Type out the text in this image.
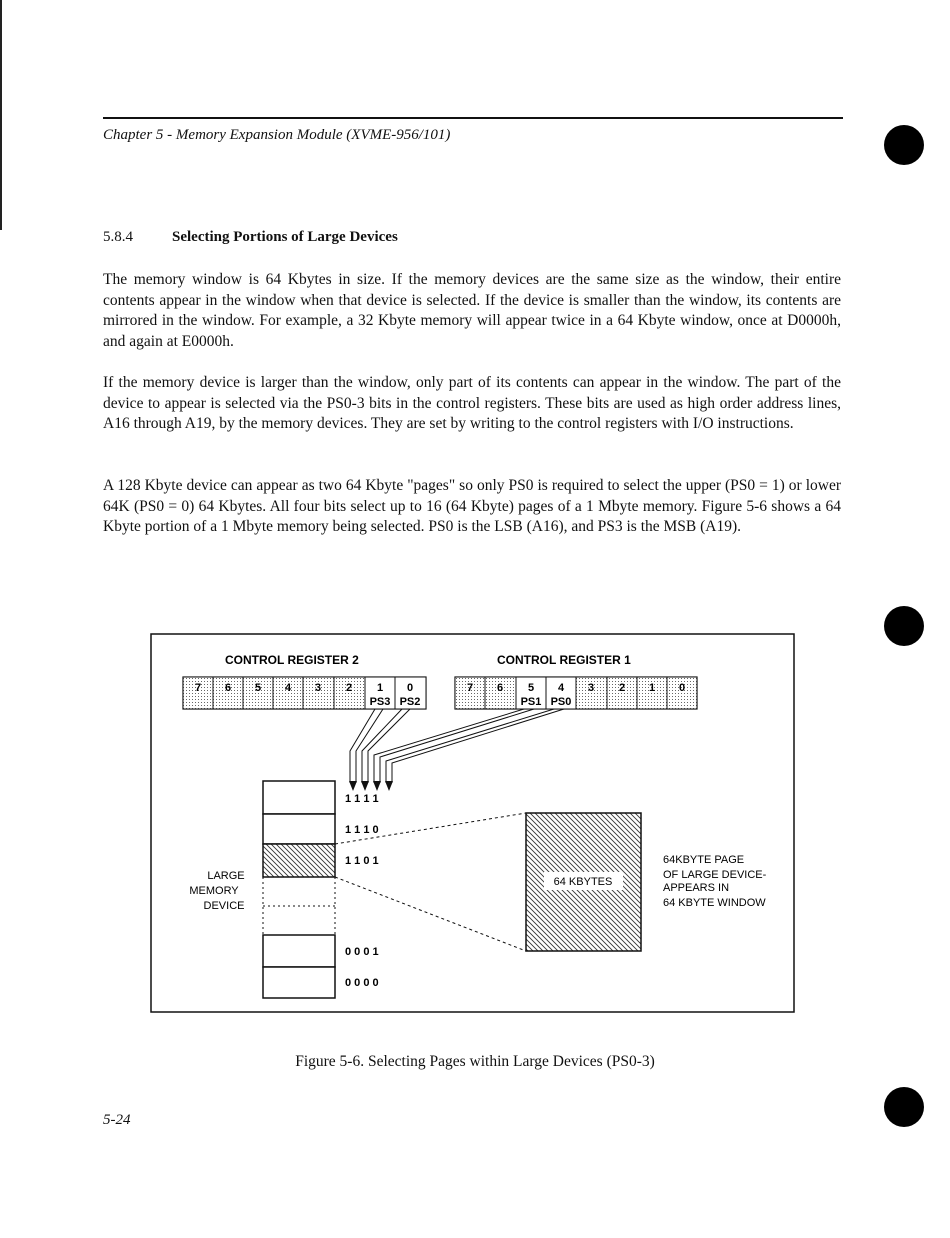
Chapter 5 - Memory Expansion Module (XVME-956/101)
5.8.4	Selecting Portions of Large Devices

The memory window is 64 Kbytes in size. If the memory devices are the same size as the window, their entire contents appear in the window when that device is selected. If the device is smaller than the window, its contents are mirrored in the window. For example, a 32 Kbyte memory will appear twice in a 64 Kbyte window, once at D0000h, and again at E0000h.

If the memory device is larger than the window, only part of its contents can appear in the window. The part of the device to appear is selected via the PS0-3 bits in the control registers. These bits are used as high order address lines, A16 through A19, by the memory devices. They are set by writing to the control registers with I/O instructions.

A 128 Kbyte device can appear as two 64 Kbyte "pages" so only PS0 is required to select the upper (PS0 = 1) or lower 64K (PS0 = 0) 64 Kbytes. All four bits select up to 16 (64 Kbyte) pages of a 1 Mbyte memory. Figure 5-6 shows a 64 Kbyte portion of a 1 Mbyte memory being selected. PS0 is the LSB (A16), and PS3 is the MSB (A19).

CONTROL REGISTER 2	CONTROL REGISTER 1
7 6 5 4 3 2 1
PS3
0
PS2
7 6 5
PS1
4
PS0
3 2 1 0
1 1 1 1
1 1 1 0
1 1 0 1
0 0 0 1
0 0 0 0
LARGE
MEMORY
DEVICE
64 KBYTES
64KBYTE PAGE
OF LARGE DEVICE-
APPEARS IN
64 KBYTE WINDOW
Figure 5-6. Selecting Pages within Large Devices (PS0-3)
5-24
